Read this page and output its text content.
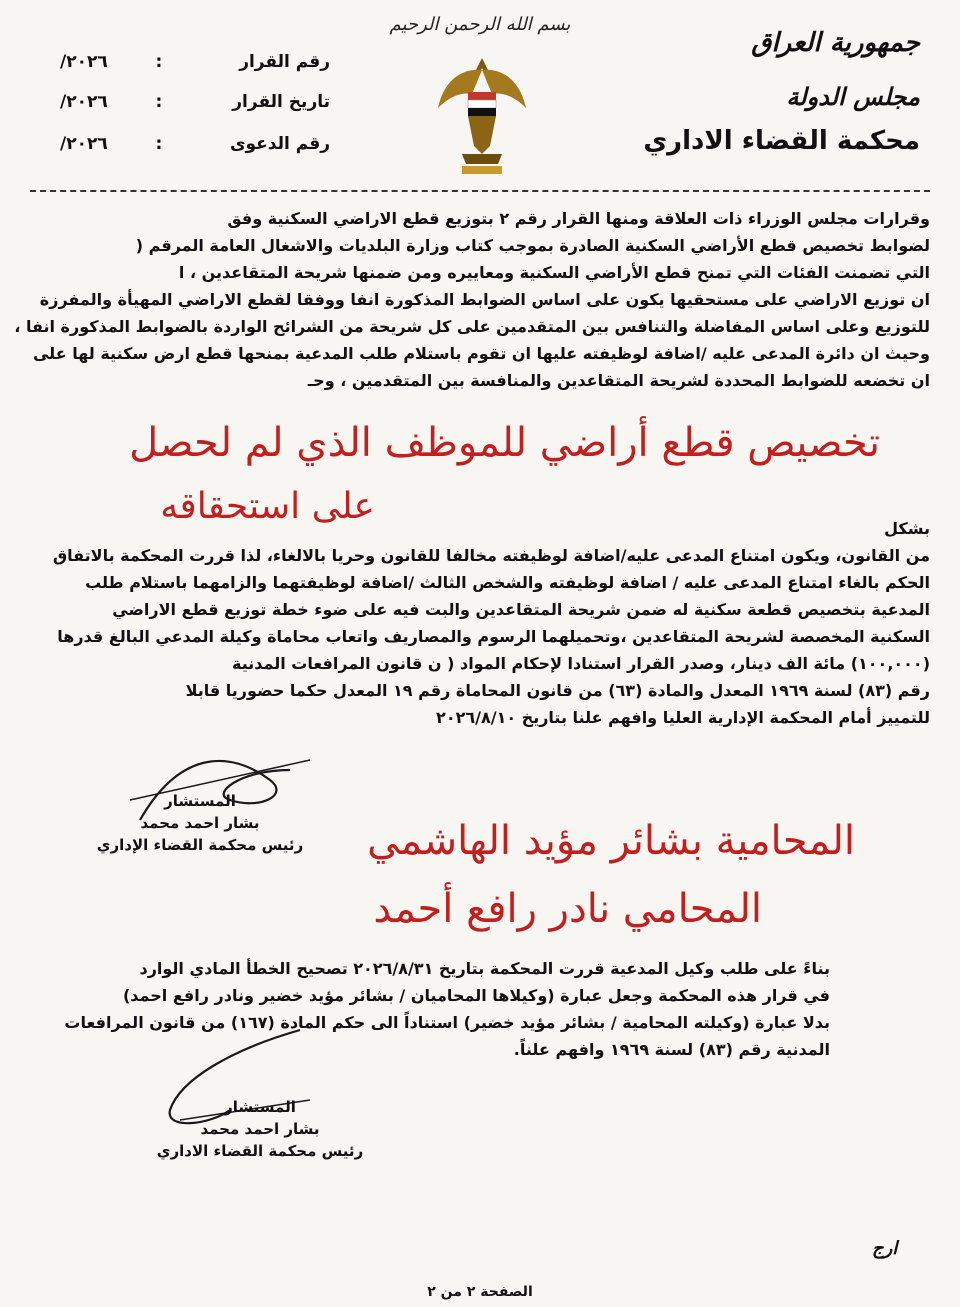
بسم الله الرحمن الرحيم
جمهورية العراق
مجلس الدولة
محكمة القضاء الاداري
رقم القرار
:
/٢٠٢٦
تاريخ القرار
:
/٢٠٢٦
رقم الدعوى
:
/٢٠٢٦
وقرارات مجلس الوزراء ذات العلاقة ومنها القرار رقم ٢ بتوزيع قطع الاراضي السكنية وفق
لضوابط تخصيص قطع الأراضي السكنية الصادرة بموجب كتاب وزارة البلديات والاشغال العامة المرقم (
التي تضمنت الفئات التي تمنح قطع الأراضي السكنية ومعاييره ومن ضمنها شريحة المتقاعدين ، ا
ان توزيع الاراضي على مستحقيها يكون على اساس الضوابط المذكورة انفا ووفقا لقطع الاراضي المهيأة والمفرزة
للتوزيع وعلى اساس المفاضلة والتنافس بين المتقدمين على كل شريحة من الشرائح الواردة بالضوابط المذكورة انفا ،
وحيث ان دائرة المدعى عليه /اضافة لوظيفته عليها ان تقوم باستلام طلب المدعية بمنحها قطع ارض سكنية لها على
ان تخضعه للضوابط المحددة لشريحة المتقاعدين والمنافسة بين المتقدمين ، وحـ
تخصيص قطع أراضي للموظف الذي لم لحصل
على استحقاقه
بشكل
من القانون، ويكون امتناع المدعى عليه/اضافة لوظيفته مخالفا للقانون وحريا بالالغاء، لذا قررت المحكمة بالاتفاق
الحكم بالغاء امتناع المدعى عليه / اضافة لوظيفته والشخص الثالث /اضافة لوظيفتهما والزامهما باستلام طلب
المدعية بتخصيص قطعة سكنية له ضمن شريحة المتقاعدين والبت فيه على ضوء خطة توزيع قطع الاراضي
السكنية المخصصة لشريحة المتقاعدين ،وتحميلهما الرسوم والمصاريف واتعاب محاماة وكيلة المدعي البالغ قدرها
(١٠٠,٠٠٠) مائة الف دينار، وصدر القرار استنادا لإحكام المواد ( ن قانون المرافعات المدنية
رقم (٨٣) لسنة ١٩٦٩ المعدل والمادة (٦٣) من قانون المحاماة رقم ١٩ المعدل حكما حضوريا قابلا
للتمييز أمام المحكمة الإدارية العليا وافهم علنا بتاريخ ٢٠٢٦/٨/١٠
المستشار
بشار احمد محمد
رئيس محكمة القضاء الإداري	المحامية بشائر مؤيد الهاشمي
المحامي نادر رافع أحمد
بناءً على طلب وكيل المدعية قررت المحكمة بتاريخ ٢٠٢٦/٨/٣١ تصحيح الخطأ المادي الوارد
في قرار هذه المحكمة وجعل عبارة (وكيلاها المحاميان / بشائر مؤيد خضير ونادر رافع احمد)
بدلا عبارة (وكيلته المحامية / بشائر مؤيد خضير) استناداً الى حكم المادة (١٦٧) من قانون المرافعات
المدنية رقم (٨٣) لسنة ١٩٦٩ وافهم علناً.
المستشار
بشار احمد محمد
رئيس محكمة القضاء الاداري
ارج
الصفحة ٢ من ٢
